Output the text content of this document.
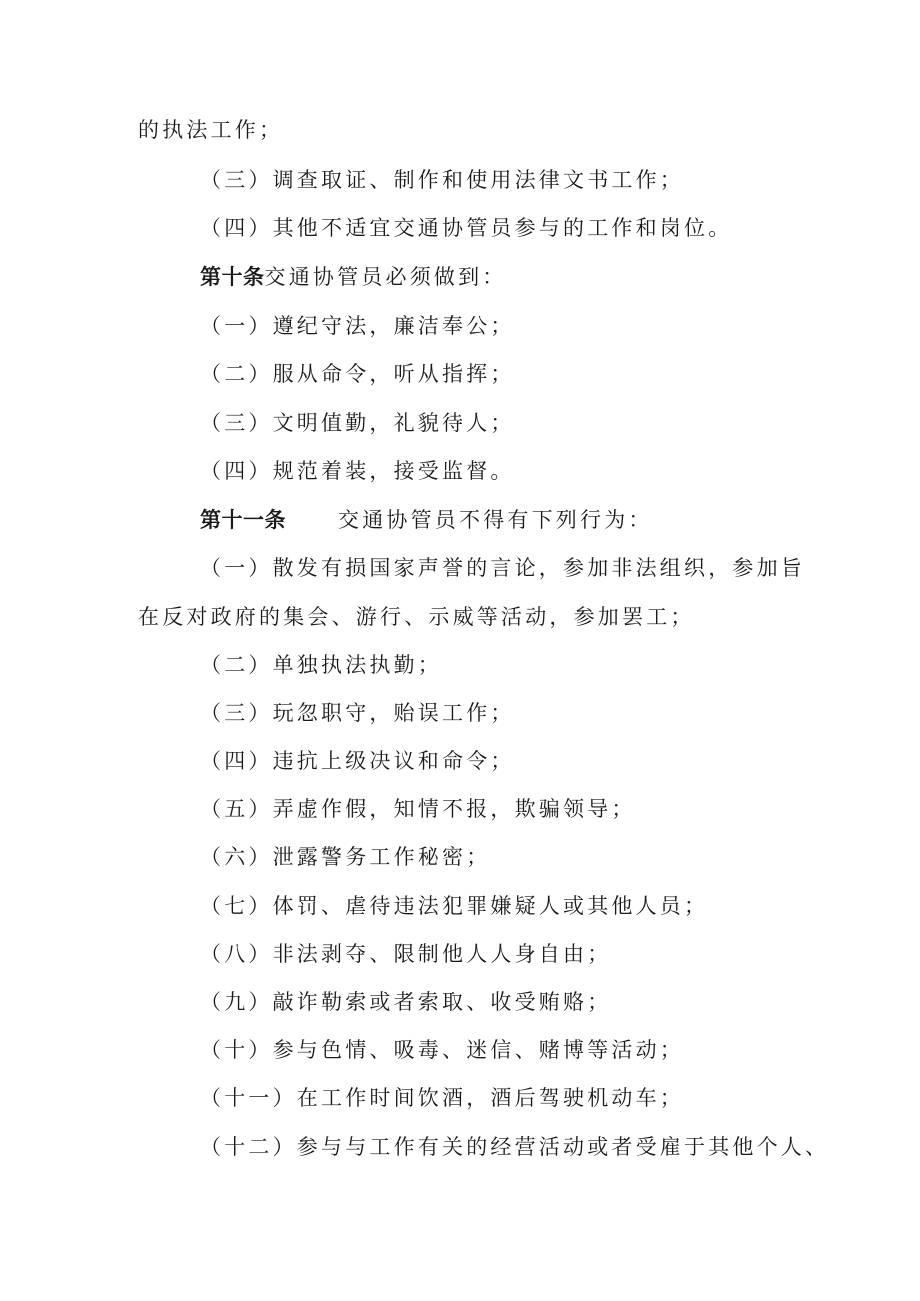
的执法工作；
（三）调查取证、制作和使用法律文书工作；
（四）其他不适宜交通协管员参与的工作和岗位。
第十条交通协管员必须做到：
（一）遵纪守法，廉洁奉公；
（二）服从命令，听从指挥；
（三）文明值勤，礼貌待人；
（四）规范着装，接受监督。
第十一条 交通协管员不得有下列行为：
（一）散发有损国家声誉的言论，参加非法组织，参加旨
在反对政府的集会、游行、示威等活动，参加罢工；
（二）单独执法执勤；
（三）玩忽职守，贻误工作；
（四）违抗上级决议和命令；
（五）弄虚作假，知情不报，欺骗领导；
（六）泄露警务工作秘密；
（七）体罚、虐待违法犯罪嫌疑人或其他人员；
（八）非法剥夺、限制他人人身自由；
（九）敲诈勒索或者索取、收受贿赂；
（十）参与色情、吸毒、迷信、赌博等活动；
（十一）在工作时间饮酒，酒后驾驶机动车；
（十二）参与与工作有关的经营活动或者受雇于其他个人、
